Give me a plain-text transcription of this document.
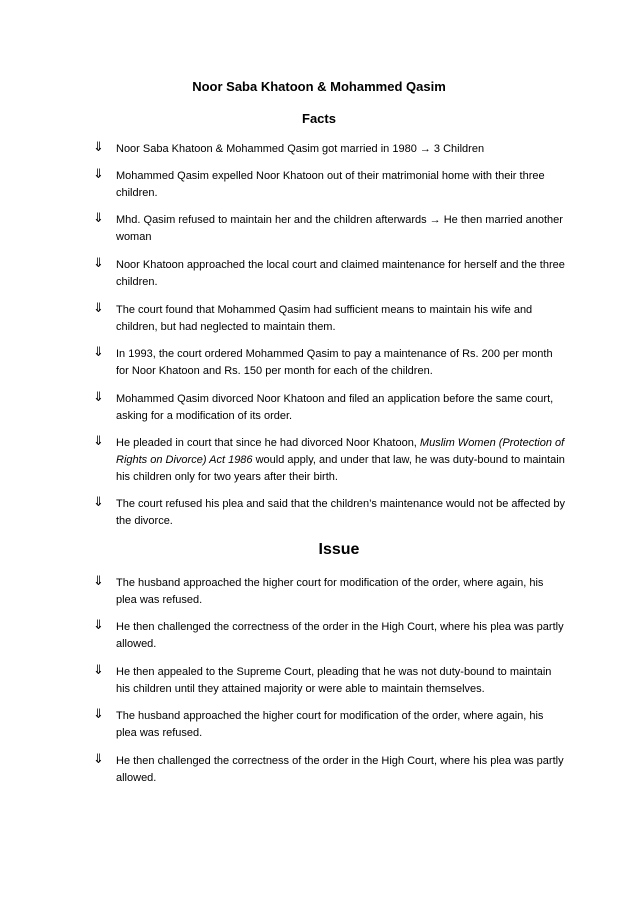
Noor Saba Khatoon & Mohammed Qasim
Facts
⇓ Noor Saba Khatoon & Mohammed Qasim got married in 1980 → 3 Children
⇓ Mohammed Qasim expelled Noor Khatoon out of their matrimonial home with their three children.
⇓ Mhd. Qasim refused to maintain her and the children afterwards → He then married another woman
⇓ Noor Khatoon approached the local court and claimed maintenance for herself and the three children.
⇓ The court found that Mohammed Qasim had sufficient means to maintain his wife and children, but had neglected to maintain them.
⇓ In 1993, the court ordered Mohammed Qasim to pay a maintenance of Rs. 200 per month for Noor Khatoon and Rs. 150 per month for each of the children.
⇓ Mohammed Qasim divorced Noor Khatoon and filed an application before the same court, asking for a modification of its order.
⇓ He pleaded in court that since he had divorced Noor Khatoon, Muslim Women (Protection of Rights on Divorce) Act 1986 would apply, and under that law, he was duty-bound to maintain his children only for two years after their birth.
⇓ The court refused his plea and said that the children’s maintenance would not be affected by the divorce.
Issue
⇓ The husband approached the higher court for modification of the order, where again, his plea was refused.
⇓ He then challenged the correctness of the order in the High Court, where his plea was partly allowed.
⇓ He then appealed to the Supreme Court, pleading that he was not duty-bound to maintain his children until they attained majority or were able to maintain themselves.
⇓ The husband approached the higher court for modification of the order, where again, his plea was refused.
⇓ He then challenged the correctness of the order in the High Court, where his plea was partly allowed.
